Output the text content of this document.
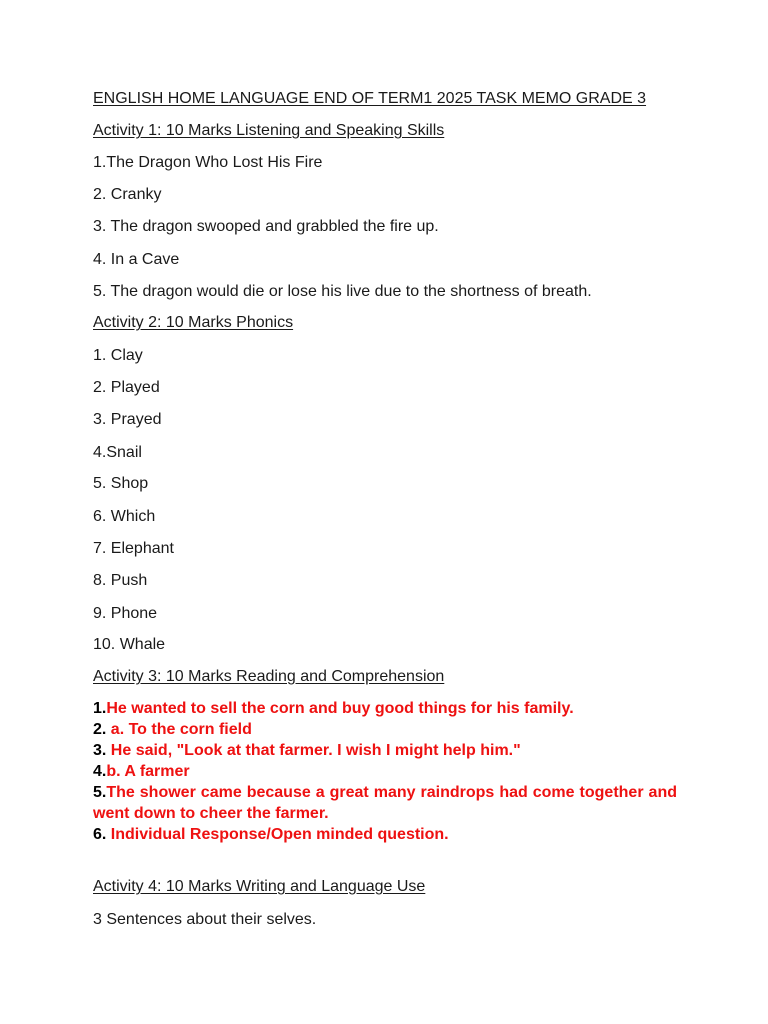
ENGLISH HOME LANGUAGE END OF TERM1 2025 TASK MEMO GRADE 3
Activity 1: 10 Marks Listening and Speaking Skills
1.The Dragon Who Lost His Fire
2. Cranky
3. The dragon swooped and grabbled the fire up.
4. In a Cave
5. The dragon would die or lose his live due to the shortness of breath.
Activity 2: 10 Marks Phonics
1. Clay
2. Played
3. Prayed
4.Snail
5. Shop
6. Which
7. Elephant
8. Push
9. Phone
10. Whale
Activity 3: 10 Marks Reading and Comprehension

1.He wanted to sell the corn and buy good things for his family.

2. a. To the corn field

3. He said, "Look at that farmer. I wish I might help him."

4.b. A farmer

5.The shower came because a great many raindrops had come together and went down to cheer the farmer.

6. Individual Response/Open minded question.

Activity 4: 10 Marks Writing and Language Use
3 Sentences about their selves.
